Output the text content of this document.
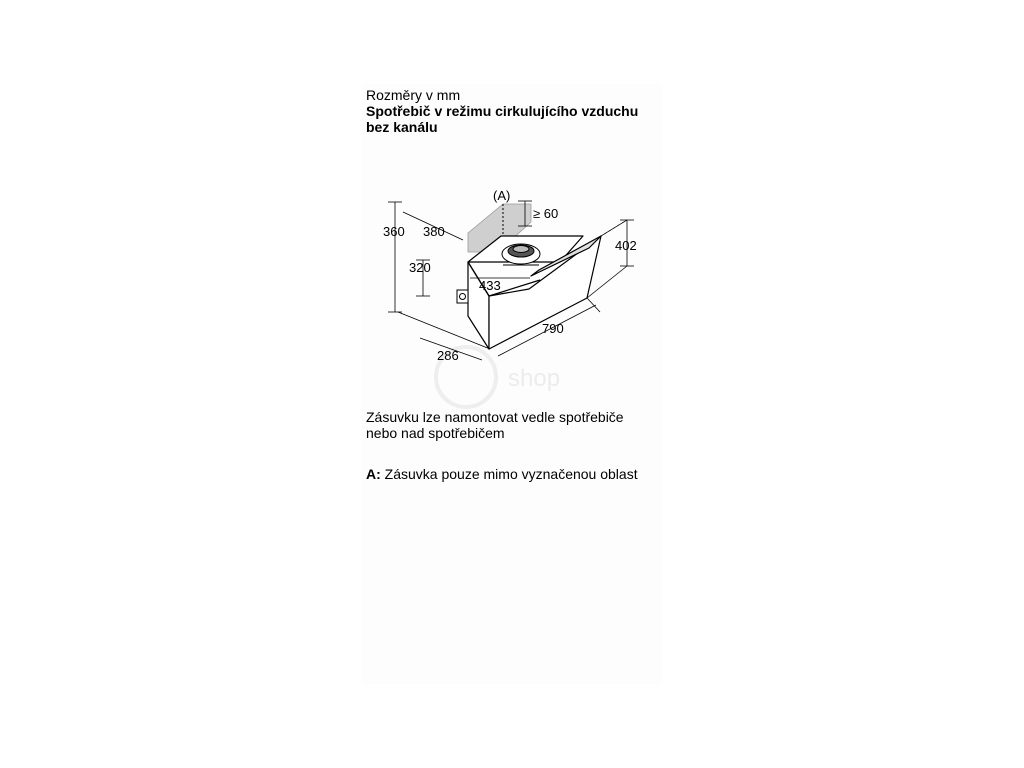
Rozměry v mm
Spotřebič v režimu cirkulujícího vzduchu
bez kanálu
shop
(A)
≥ 60
360 380
320
433
402
790
286
Zásuvku lze namontovat vedle spotřebiče
nebo nad spotřebičem
A: Zásuvka pouze mimo vyznačenou oblast
